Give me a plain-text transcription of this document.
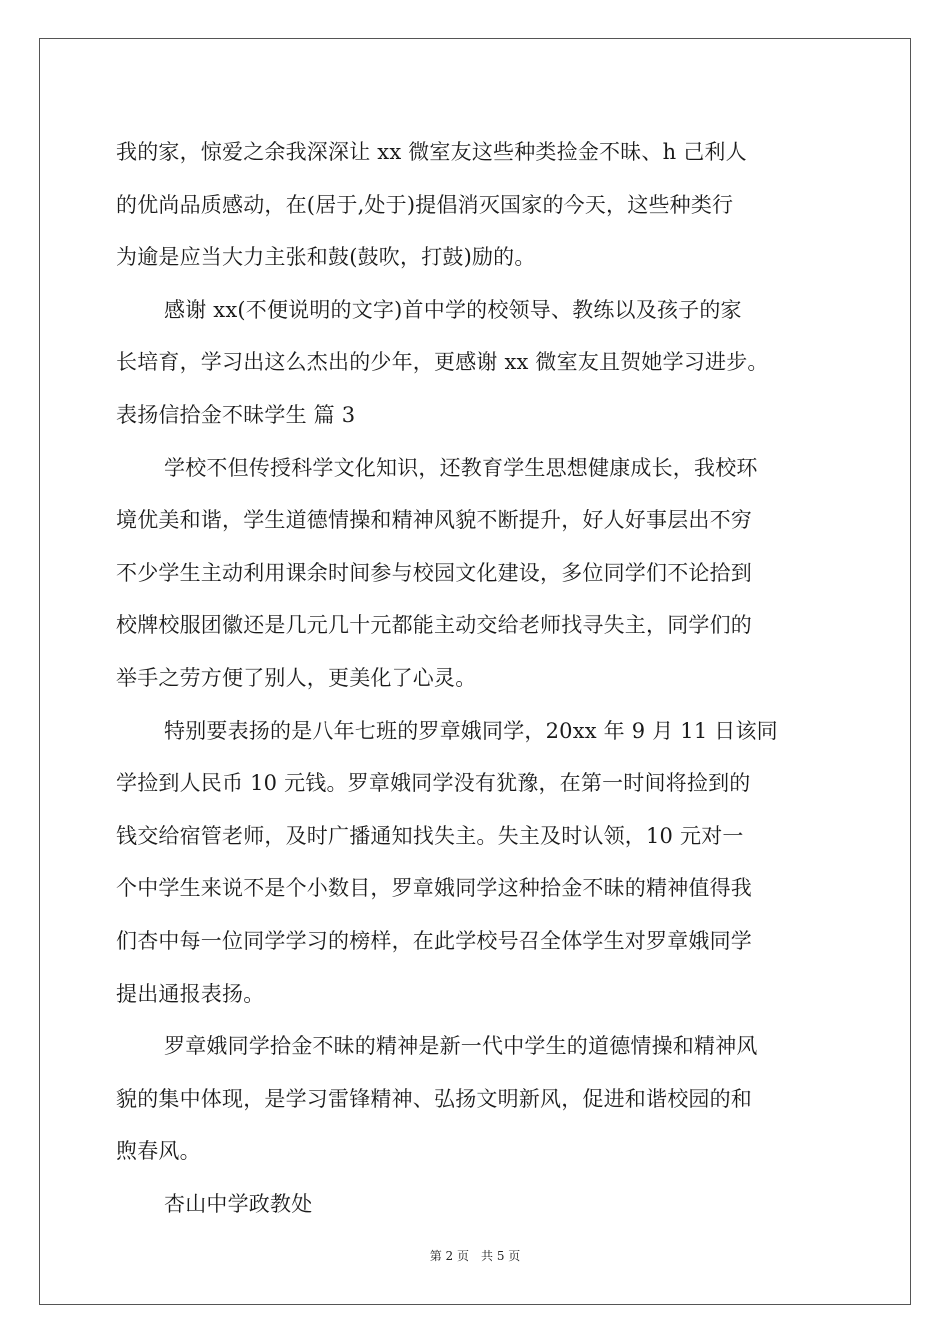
我的家，惊爱之余我深深让 xx 微室友这些种类捡金不昧、h 己利人
的优尚品质感动，在(居于,处于)提倡消灭国家的今天，这些种类行
为逾是应当大力主张和鼓(鼓吹，打鼓)励的。
感谢 xx(不便说明的文字)首中学的校领导、教练以及孩子的家
长培育，学习出这么杰出的少年，更感谢 xx 微室友且贺她学习进步。
表扬信拾金不昧学生 篇 3
学校不但传授科学文化知识，还教育学生思想健康成长，我校环
境优美和谐，学生道德情操和精神风貌不断提升，好人好事层出不穷
不少学生主动利用课余时间参与校园文化建设，多位同学们不论拾到
校牌校服团徽还是几元几十元都能主动交给老师找寻失主，同学们的
举手之劳方便了别人，更美化了心灵。
特别要表扬的是八年七班的罗章娥同学，20xx 年 9 月 11 日该同
学捡到人民币 10 元钱。罗章娥同学没有犹豫，在第一时间将捡到的
钱交给宿管老师，及时广播通知找失主。失主及时认领，10 元对一
个中学生来说不是个小数目，罗章娥同学这种拾金不昧的精神值得我
们杏中每一位同学学习的榜样，在此学校号召全体学生对罗章娥同学
提出通报表扬。
罗章娥同学拾金不昧的精神是新一代中学生的道德情操和精神风
貌的集中体现，是学习雷锋精神、弘扬文明新风，促进和谐校园的和
煦春风。
杏山中学政教处
第 2 页　共 5 页
